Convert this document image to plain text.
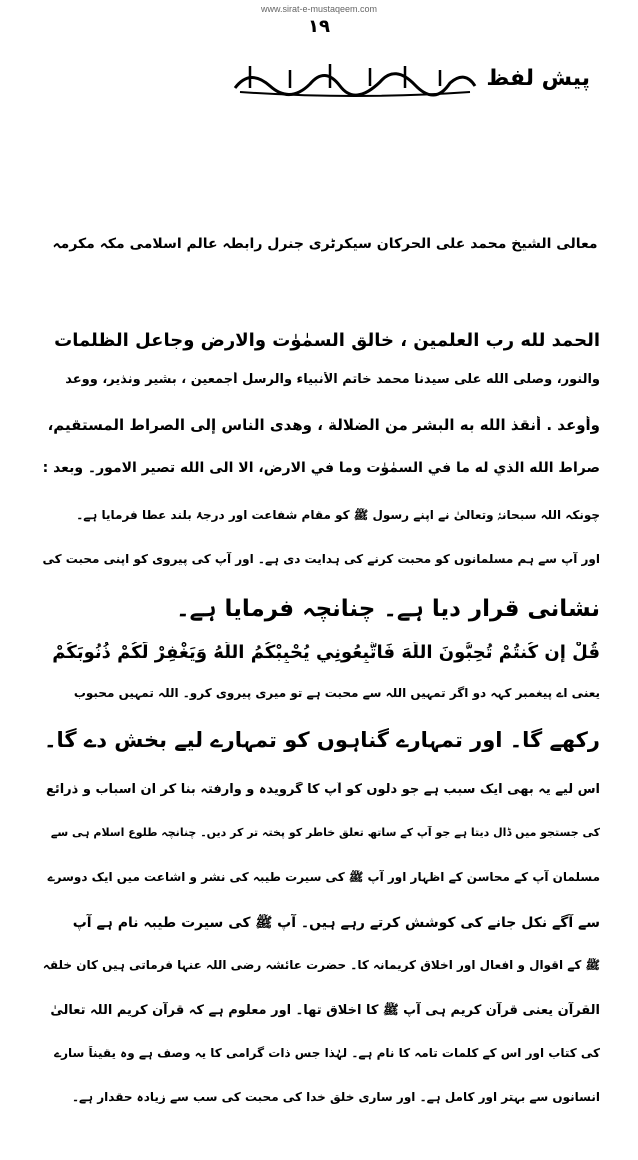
www.sirat-e-mustaqeem.com
۱۹
پیش لفظ
معالی الشیخ محمد علی الحرکان سیکرٹری جنرل رابطہ عالم اسلامی مکہ مکرمہ
الحمد لله رب العلمين ، خالق السمٰوٰت والارض وجاعل الظلمات
والنور، وصلى الله على سيدنا محمد خاتم الأنبياء والرسل أجمعين ، بشير ونذير، ووعد
وأوعد . أنقذ الله به البشر من الضلالة ، وهدى الناس إلى الصراط المستقيم،
صراط الله الذي له ما في السمٰوٰت وما في الارض، الا الى الله تصير الامور۔ وبعد :
چونکہ اللہ سبحانہٗ وتعالیٰ نے اپنے رسول ﷺ کو مقام شفاعت اور درجۂ بلند عطا فرمایا ہے۔
اور آپ سے ہم مسلمانوں کو محبت کرنے کی ہدایت دی ہے۔ اور آپ کی پیروی کو اپنی محبت کی
نشانی قرار دیا ہے۔ چنانچہ فرمایا ہے۔
قُلْ إِن كُنتُمْ تُحِبُّونَ اللَّهَ فَاتَّبِعُونِي يُحْبِبْكُمُ اللَّهُ وَيَغْفِرْ لَكُمْ ذُنُوبَكُمْ
یعنی اے پیغمبر کہہ دو اگر تمہیں اللہ سے محبت ہے تو میری پیروی کرو۔ اللہ تمہیں محبوب
رکھے گا۔ اور تمہارے گناہوں کو تمہارے لیے بخش دے گا۔
اس لیے یہ بھی ایک سبب ہے جو دلوں کو آپ کا گرویدہ و وارفتہ بنا کر ان اسباب و ذرائع
کی جستجو میں ڈال دیتا ہے جو آپ کے ساتھ تعلق خاطر کو پختہ تر کر دیں۔ چنانچہ طلوع اسلام ہی سے
مسلمان آپ کے محاسن کے اظہار اور آپ ﷺ کی سیرت طیبہ کی نشر و اشاعت میں ایک دوسرے
سے آگے نکل جانے کی کوشش کرتے رہے ہیں۔ آپ ﷺ کی سیرت طیبہ نام ہے آپ
ﷺ کے اقوال و افعال اور اخلاق کریمانہ کا۔ حضرت عائشہ رضی اللہ عنہا فرماتی ہیں کان خلقہ
القرآن یعنی قرآن کریم ہی آپ ﷺ کا اخلاق تھا۔ اور معلوم ہے کہ قرآن کریم اللہ تعالیٰ
کی کتاب اور اس کے کلمات تامہ کا نام ہے۔ لہٰذا جس ذات گرامی کا یہ وصف ہے وہ یقیناً سارے
انسانوں سے بہتر اور کامل ہے۔ اور ساری خلق خدا کی محبت کی سب سے زیادہ حقدار ہے۔
